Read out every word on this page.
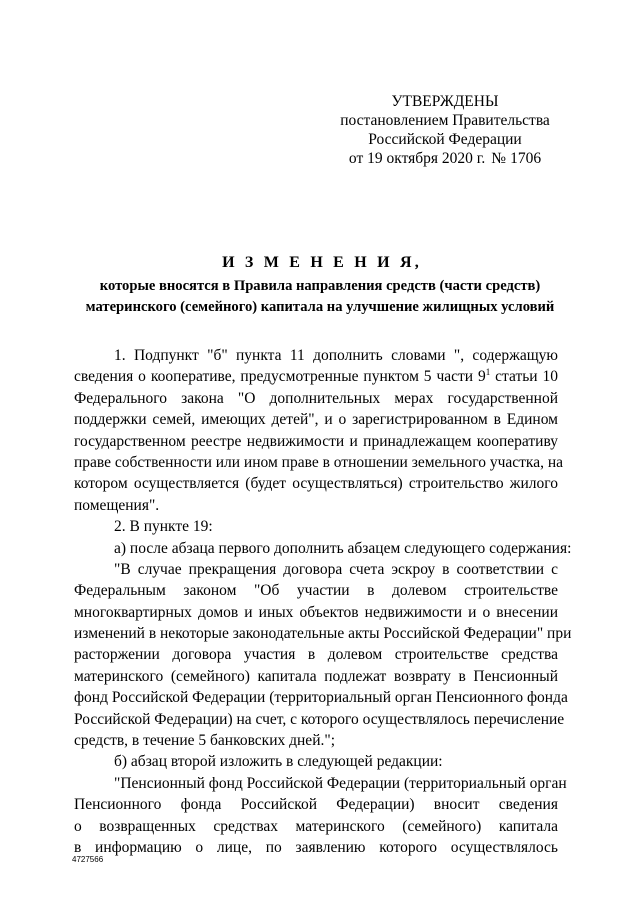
УТВЕРЖДЕНЫ
постановлением Правительства
Российской Федерации
от 19 октября 2020 г. № 1706
И З М Е Н Е Н И Я,
которые вносятся в Правила направления средств (части средств)
материнского (семейного) капитала на улучшение жилищных условий
1. Подпункт "б" пункта 11 дополнить словами ", содержащую
сведения о кооперативе, предусмотренные пунктом 5 части $9^1$ статьи 10
Федерального закона "О дополнительных мерах государственной
поддержки семей, имеющих детей", и о зарегистрированном в Едином
государственном реестре недвижимости и принадлежащем кооперативу
праве собственности или ином праве в отношении земельного участка, на
котором осуществляется (будет осуществляться) строительство жилого
помещения".
2. В пункте 19:
а) после абзаца первого дополнить абзацем следующего содержания:
"В случае прекращения договора счета эскроу в соответствии с
Федеральным законом "Об участии в долевом строительстве
многоквартирных домов и иных объектов недвижимости и о внесении
изменений в некоторые законодательные акты Российской Федерации" при
расторжении договора участия в долевом строительстве средства
материнского (семейного) капитала подлежат возврату в Пенсионный
фонд Российской Федерации (территориальный орган Пенсионного фонда
Российской Федерации) на счет, с которого осуществлялось перечисление
средств, в течение 5 банковских дней.";
б) абзац второй изложить в следующей редакции:
"Пенсионный фонд Российской Федерации (территориальный орган
Пенсионного фонда Российской Федерации) вносит сведения
о возвращенных средствах материнского (семейного) капитала
в информацию о лице, по заявлению которого осуществлялось
4727566
